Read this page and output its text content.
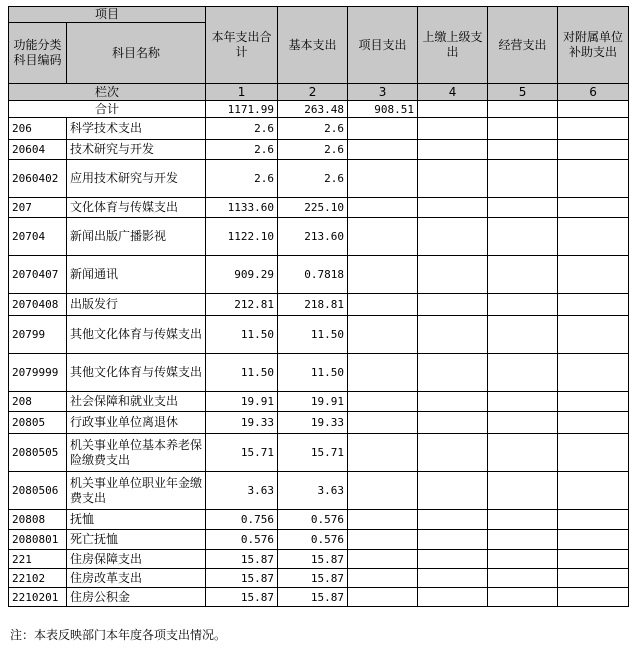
项目		本年支出合计	基本支出	项目支出	上缴上级支出	经营支出	对附属单位补助支出
功能分类科目编码	科目名称						
栏次		1	2	3	4	5	6
合计		1171.99	263.48	908.51			
206	科学技术支出	2.6	2.6				
20604	技术研究与开发	2.6	2.6				
2060402	应用技术研究与开发	2.6	2.6				
207	文化体育与传媒支出	1133.60	225.10				
20704	新闻出版广播影视	1122.10	213.60				
2070407	新闻通讯	909.29	0.7818				
2070408	出版发行	212.81	218.81				
20799	其他文化体育与传媒支出	11.50	11.50				
2079999	其他文化体育与传媒支出	11.50	11.50				
208	社会保障和就业支出	19.91	19.91				
20805	行政事业单位离退休	19.33	19.33				
2080505	机关事业单位基本养老保险缴费支出	15.71	15.71				
2080506	机关事业单位职业年金缴费支出	3.63	3.63				
20808	抚恤	0.756	0.576				
2080801	死亡抚恤	0.576	0.576				
221	住房保障支出	15.87	15.87				
22102	住房改革支出	15.87	15.87				
2210201	住房公积金	15.87	15.87				
注：本表反映部门本年度各项支出情况。
